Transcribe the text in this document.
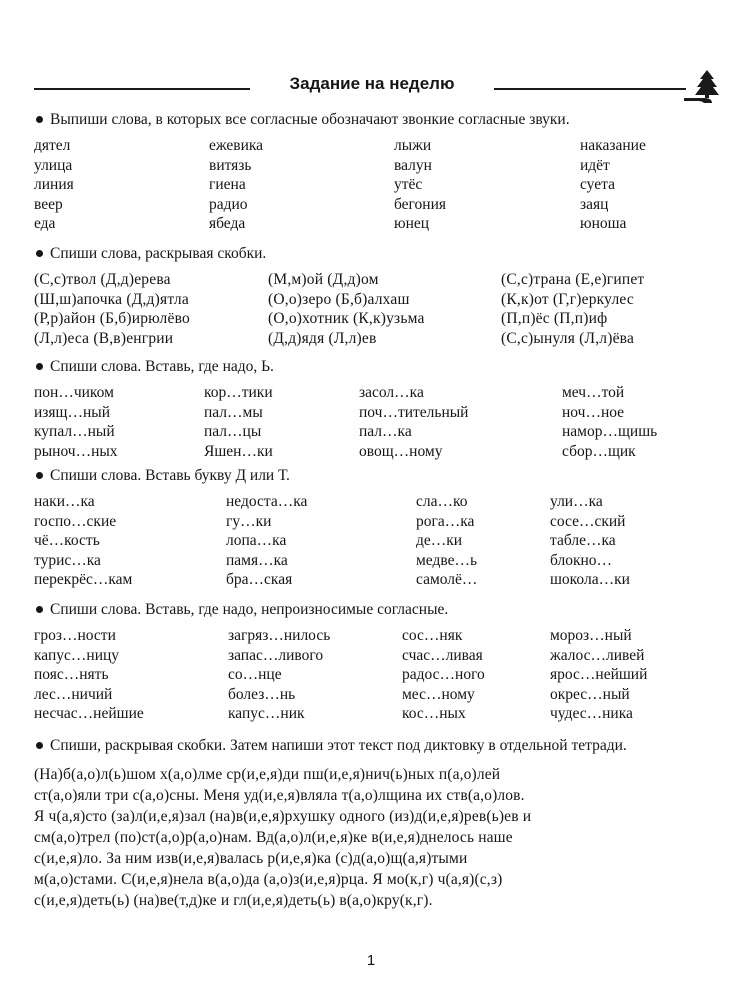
Задание на неделю
Выпиши слова, в которых все согласные обозначают звонкие согласные звуки.
дятел	ежевика	лыжи	наказание
улица	витязь	валун	идёт
линия	гиена	утёс	суета
веер	радио	бегония	заяц
еда	ябеда	юнец	юноша
Спиши слова, раскрывая скобки.
(С,с)твол (Д,д)ерева	(М,м)ой (Д,д)ом	(С,с)трана (Е,е)гипет
(Ш,ш)апочка (Д,д)ятла	(О,о)зеро (Б,б)алхаш	(К,к)от (Г,г)еркулес
(Р,р)айон (Б,б)ирюлёво	(О,о)хотник (К,к)узьма	(П,п)ёс (П,п)иф
(Л,л)еса (В,в)енгрии	(Д,д)ядя (Л,л)ев	(С,с)ынуля (Л,л)ёва
Спиши слова. Вставь, где надо, Ь.
пон…чиком	кор…тики	засол…ка	меч…той
изящ…ный	пал…мы	поч…тительный	ноч…ное
купал…ный	пал…цы	пал…ка	намор…щишь
рыноч…ных	Яшен…ки	овощ…ному	сбор…щик
Спиши слова. Вставь букву Д или Т.
наки…ка	недоста…ка	сла…ко	ули…ка
госпо…ские	гу…ки	рога…ка	сосе…ский
чё…кость	лопа…ка	де…ки	табле…ка
турис…ка	памя…ка	медве…ь	блокно…
перекрёс…кам	бра…ская	самолё…	шокола…ки
Спиши слова. Вставь, где надо, непроизносимые согласные.
гроз…ности	загряз…нилось	сос…няк	мороз…ный
капус…ницу	запас…ливого	счас…ливая	жалос…ливей
пояс…нять	со…нце	радос…ного	ярос…нейший
лес…ничий	болез…нь	мес…ному	окрес…ный
несчас…нейшие	капус…ник	кос…ных	чудес…ника
Спиши, раскрывая скобки. Затем напиши этот текст под диктовку в отдельной тетради.

(На)б(а,о)л(ь)шом х(а,о)лме ср(и,е,я)ди пш(и,е,я)нич(ь)ных п(а,о)лей

ст(а,о)яли три с(а,о)сны. Меня уд(и,е,я)вляла т(а,о)лщина их ств(а,о)лов.

Я ч(а,я)сто (за)л(и,е,я)зал (на)в(и,е,я)рхушку одного (из)д(и,е,я)рев(ь)ев и

см(а,о)трел (по)ст(а,о)р(а,о)нам. Вд(а,о)л(и,е,я)ке в(и,е,я)днелось наше

с(и,е,я)ло. За ним изв(и,е,я)валась р(и,е,я)ка (с)д(а,о)щ(а,я)тыми

м(а,о)стами. С(и,е,я)нела в(а,о)да (а,о)з(и,е,я)рца. Я мо(к,г) ч(а,я)(с,з)

с(и,е,я)деть(ь) (на)ве(т,д)ке и гл(и,е,я)деть(ь) в(а,о)кру(к,г).

1
